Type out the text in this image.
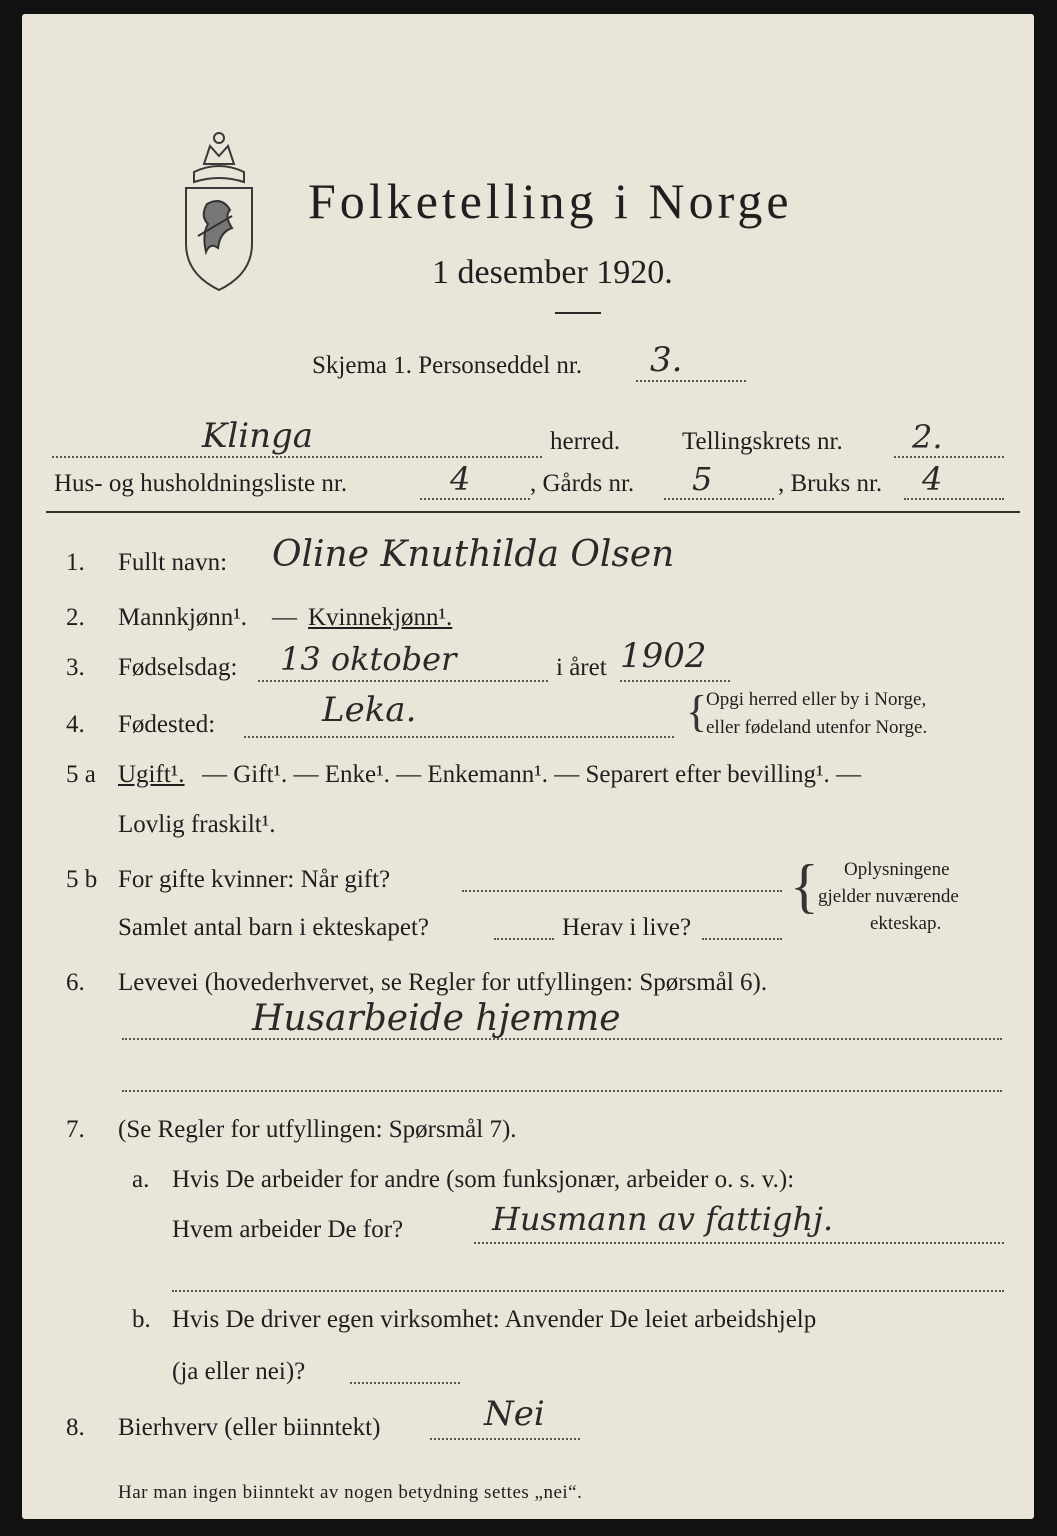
Folketelling i Norge
1 desember 1920.
Skjema 1. Personseddel nr. 3.
Klinga	herred. Tellingskrets nr. 2.
Hus- og husholdningsliste nr.	4 , Gårds nr. 5	, Bruks nr. 4
1. Fullt navn: Oline Knuthilda Olsen
2. Mannkjønn¹. — Kvinnekjønn¹.
3. Fødselsdag: 13 oktober	i året 1902
4. Fødested:	Leka.	{
Opgi herred eller by i Norge,
eller fødeland utenfor Norge.
5 a Ugift¹. — Gift¹. — Enke¹. — Enkemann¹. — Separert efter bevilling¹. —
Lovlig fraskilt¹.
5 b For gifte kvinner: Når gift?
Samlet antal barn i ekteskapet?	Herav i live?
{ Oplysningene
gjelder nuværende
ekteskap.
6. Levevei (hovederhvervet, se Regler for utfyllingen: Spørsmål 6).
Husarbeide hjemme
7. (Se Regler for utfyllingen: Spørsmål 7).
a. Hvis De arbeider for andre (som funksjonær, arbeider o. s. v.):
Hvem arbeider De for?	Husmann av fattighj.
b. Hvis De driver egen virksomhet: Anvender De leiet arbeidshjelp
(ja eller nei)?
8. Bierhverv (eller biinntekt)	Nei
Har man ingen biinntekt av nogen betydning settes „nei“.
